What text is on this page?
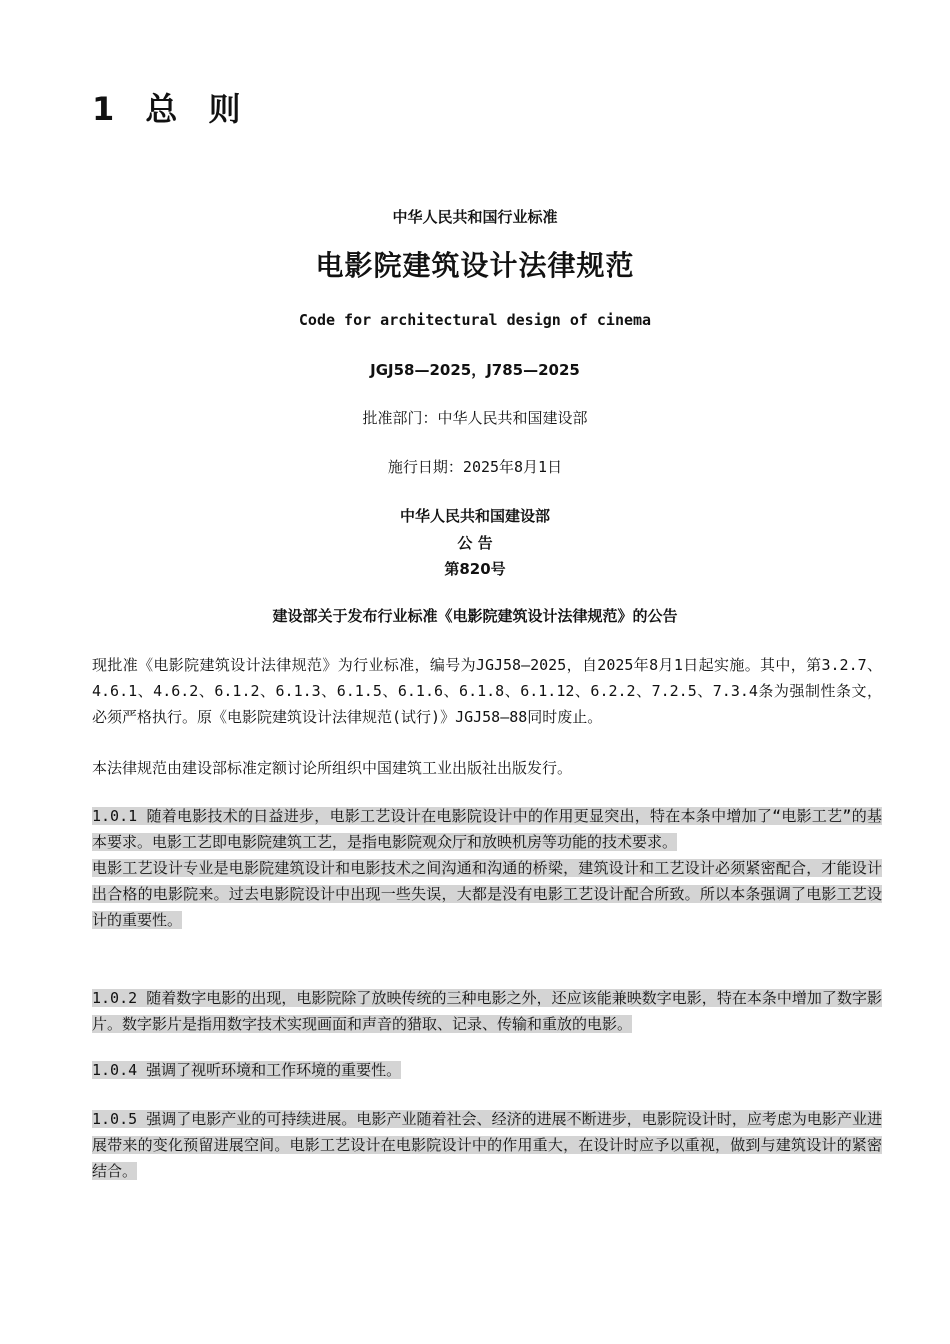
1 总 则
中华人民共和国行业标准
电影院建筑设计法律规范
Code for architectural design of cinema
JGJ58—2025，J785—2025
批准部门：中华人民共和国建设部
施行日期：2025年8月1日
中华人民共和国建设部
公 告
第820号
建设部关于发布行业标准《电影院建筑设计法律规范》的公告
现批准《电影院建筑设计法律规范》为行业标准，编号为JGJ58—2025，自2025年8月1日起实施。其中，第3.2.7、4.6.1、4.6.2、6.1.2、6.1.3、6.1.5、6.1.6、6.1.8、6.1.12、6.2.2、7.2.5、7.3.4条为强制性条文，必须严格执行。原《电影院建筑设计法律规范(试行)》JGJ58—88同时废止。
本法律规范由建设部标准定额讨论所组织中国建筑工业出版社出版发行。
1.0.1 随着电影技术的日益进步，电影工艺设计在电影院设计中的作用更显突出，特在本条中增加了“电影工艺”的基本要求。电影工艺即电影院建筑工艺，是指电影院观众厅和放映机房等功能的技术要求。
电影工艺设计专业是电影院建筑设计和电影技术之间沟通和沟通的桥梁，建筑设计和工艺设计必须紧密配合，才能设计出合格的电影院来。过去电影院设计中出现一些失误，大都是没有电影工艺设计配合所致。所以本条强调了电影工艺设计的重要性。
1.0.2 随着数字电影的出现，电影院除了放映传统的三种电影之外，还应该能兼映数字电影，特在本条中增加了数字影片。数字影片是指用数字技术实现画面和声音的猎取、记录、传输和重放的电影。
1.0.4 强调了视听环境和工作环境的重要性。
1.0.5 强调了电影产业的可持续进展。电影产业随着社会、经济的进展不断进步，电影院设计时，应考虑为电影产业进展带来的变化预留进展空间。电影工艺设计在电影院设计中的作用重大，在设计时应予以重视，做到与建筑设计的紧密结合。
